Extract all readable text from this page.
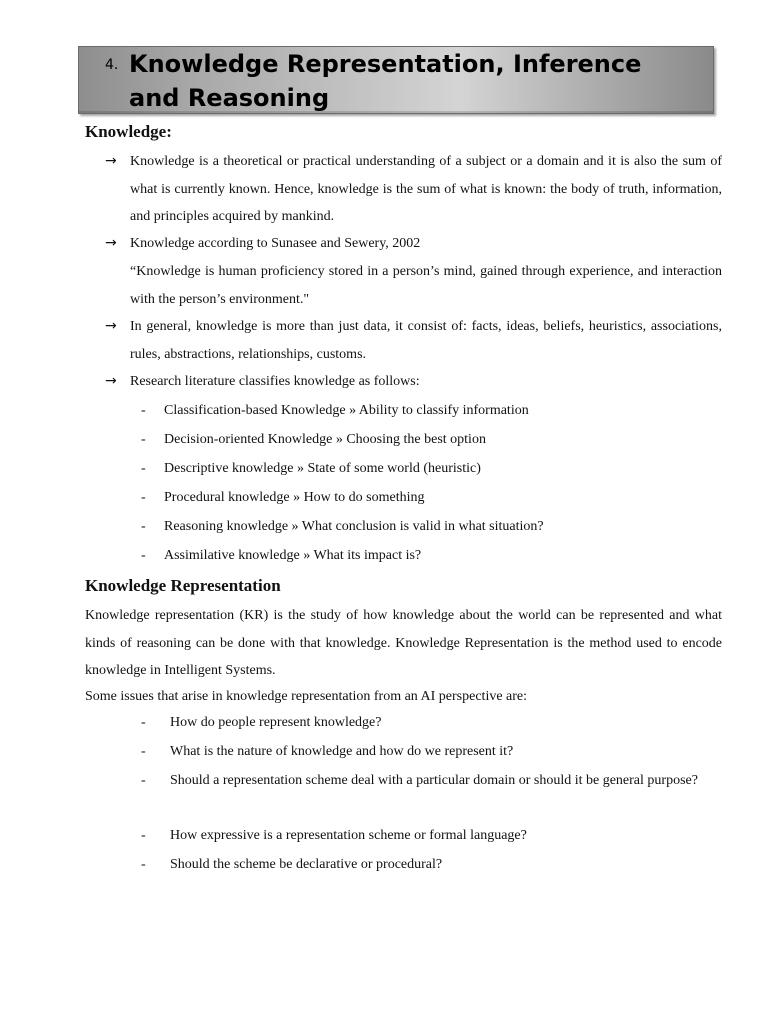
4. Knowledge Representation, Inference and Reasoning
Knowledge:
→ Knowledge is a theoretical or practical understanding of a subject or a domain and it is also the sum of what is currently known. Hence, knowledge is the sum of what is known: the body of truth, information, and principles acquired by mankind.
→ Knowledge according to Sunasee and Sewery, 2002
“Knowledge is human proficiency stored in a person’s mind, gained through experience, and interaction with the person’s environment."
→ In general, knowledge is more than just data, it consist of: facts, ideas, beliefs, heuristics, associations, rules, abstractions, relationships, customs.
→ Research literature classifies knowledge as follows:
- Classification-based Knowledge » Ability to classify information
- Decision-oriented Knowledge » Choosing the best option
- Descriptive knowledge » State of some world (heuristic)
- Procedural knowledge » How to do something
- Reasoning knowledge » What conclusion is valid in what situation?
- Assimilative knowledge » What its impact is?
Knowledge Representation
Knowledge representation (KR) is the study of how knowledge about the world can be represented and what kinds of reasoning can be done with that knowledge. Knowledge Representation is the method used to encode knowledge in Intelligent Systems.
Some issues that arise in knowledge representation from an AI perspective are:
- How do people represent knowledge?
- What is the nature of knowledge and how do we represent it?
- Should a representation scheme deal with a particular domain or should it be general purpose?
- How expressive is a representation scheme or formal language?
- Should the scheme be declarative or procedural?
